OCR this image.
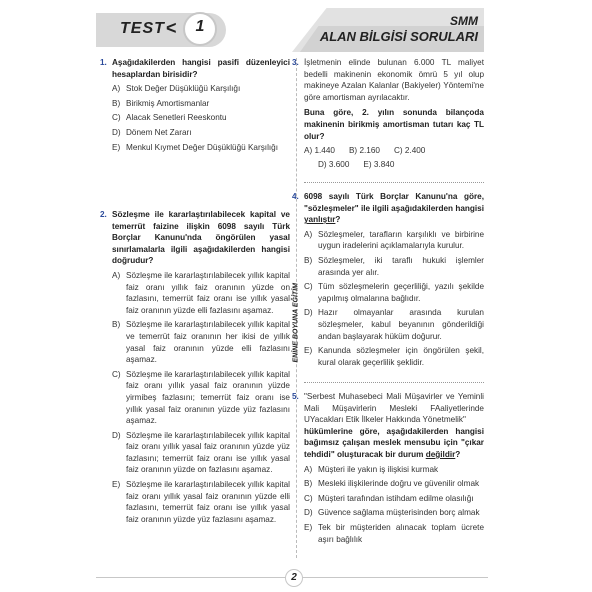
TEST <	1	SMM
ALAN BİLGİSİ SORULARI
ENİNE BOYUNA EĞİTİM
1. Aşağıdakilerden hangisi pasifi düzenleyici hesaplardan birisidir?
A) Stok Değer Düşüklüğü Karşılığı
B) Birikmiş Amortismanlar
C) Alacak Senetleri Reeskontu
D) Dönem Net Zararı
E) Menkul Kıymet Değer Düşüklüğü Karşılığı
2. Sözleşme ile kararlaştırılabilecek kapital ve temerrüt faizine ilişkin 6098 sayılı Türk Borçlar Kanunu'nda öngörülen yasal sınırlamalarla ilgili aşağıdakilerden hangisi doğrudur?
A) Sözleşme ile kararlaştırılabilecek yıllık kapital faiz oranı yıllık faiz oranının yüzde on fazlasını, temerrüt faiz oranı ise yıllık yasal faiz oranının yüzde elli fazlasını aşamaz.
B) Sözleşme ile kararlaştırılabilecek yıllık kapital ve temerrüt faiz oranının her ikisi de yıllık yasal faiz oranının yüzde elli fazlasını aşamaz.
C) Sözleşme ile kararlaştırılabilecek yıllık kapital faiz oranı yıllık yasal faiz oranının yüzde yirmibeş fazlasını; temerrüt faiz oranı ise yıllık yasal faiz oranının yüzde yüz fazlasını aşamaz.
D) Sözleşme ile kararlaştırılabilecek yıllık kapital faiz oranı yıllık yasal faiz oranının yüzde yüz fazlasını; temerrüt faiz oranı ise yıllık yasal faiz oranının yüzde on fazlasını aşamaz.
E) Sözleşme ile kararlaştırılabilecek yıllık kapital faiz oranı yıllık yasal faiz oranının yüzde elli fazlasını, temerrüt faiz oranı ise yıllık yasal faiz oranının yüzde yüz fazlasını aşamaz.
3. İşletmenin elinde bulunan 6.000 TL maliyet bedelli makinenin ekonomik ömrü 5 yıl olup makineye Azalan Kalanlar (Bakiyeler) Yöntemi'ne göre amortisman ayrılacaktır.
Buna göre, 2. yılın sonunda bilançoda makinenin birikmiş amortisman tutarı kaç TL olur?
A) 1.440 B) 2.160 C) 2.400
D) 3.600 E) 3.840
4. 6098 sayılı Türk Borçlar Kanunu'na göre, "sözleşmeler" ile ilgili aşağıdakilerden hangisi yanlıştır?
A) Sözleşmeler, tarafların karşılıklı ve birbirine uygun iradelerini açıklamalarıyla kurulur.
B) Sözleşmeler, iki taraflı hukuki işlemler arasında yer alır.
C) Tüm sözleşmelerin geçerliliği, yazılı şekilde yapılmış olmalarına bağlıdır.
D) Hazır olmayanlar arasında kurulan sözleşmeler, kabul beyanının gönderildiği andan başlayarak hüküm doğurur.
E) Kanunda sözleşmeler için öngörülen şekil, kural olarak geçerlilik şeklidir.
5. "Serbest Muhasebeci Mali Müşavirler ve Yeminli Mali Müşavirlerin Mesleki FAaliyetlerinde UYacakları Etik İlkeler Hakkında Yönetmelik"
hükümlerine göre, aşağıdakilerden hangisi bağımsız çalışan meslek mensubu için "çıkar tehdidi" oluşturacak bir durum değildir?
A) Müşteri ile yakın iş ilişkisi kurmak
B) Mesleki ilişkilerinde doğru ve güvenilir olmak
C) Müşteri tarafından istihdam edilme olasılığı
D) Güvence sağlama müşterisinden borç almak
E) Tek bir müşteriden alınacak toplam ücrete aşırı bağlılık
2
